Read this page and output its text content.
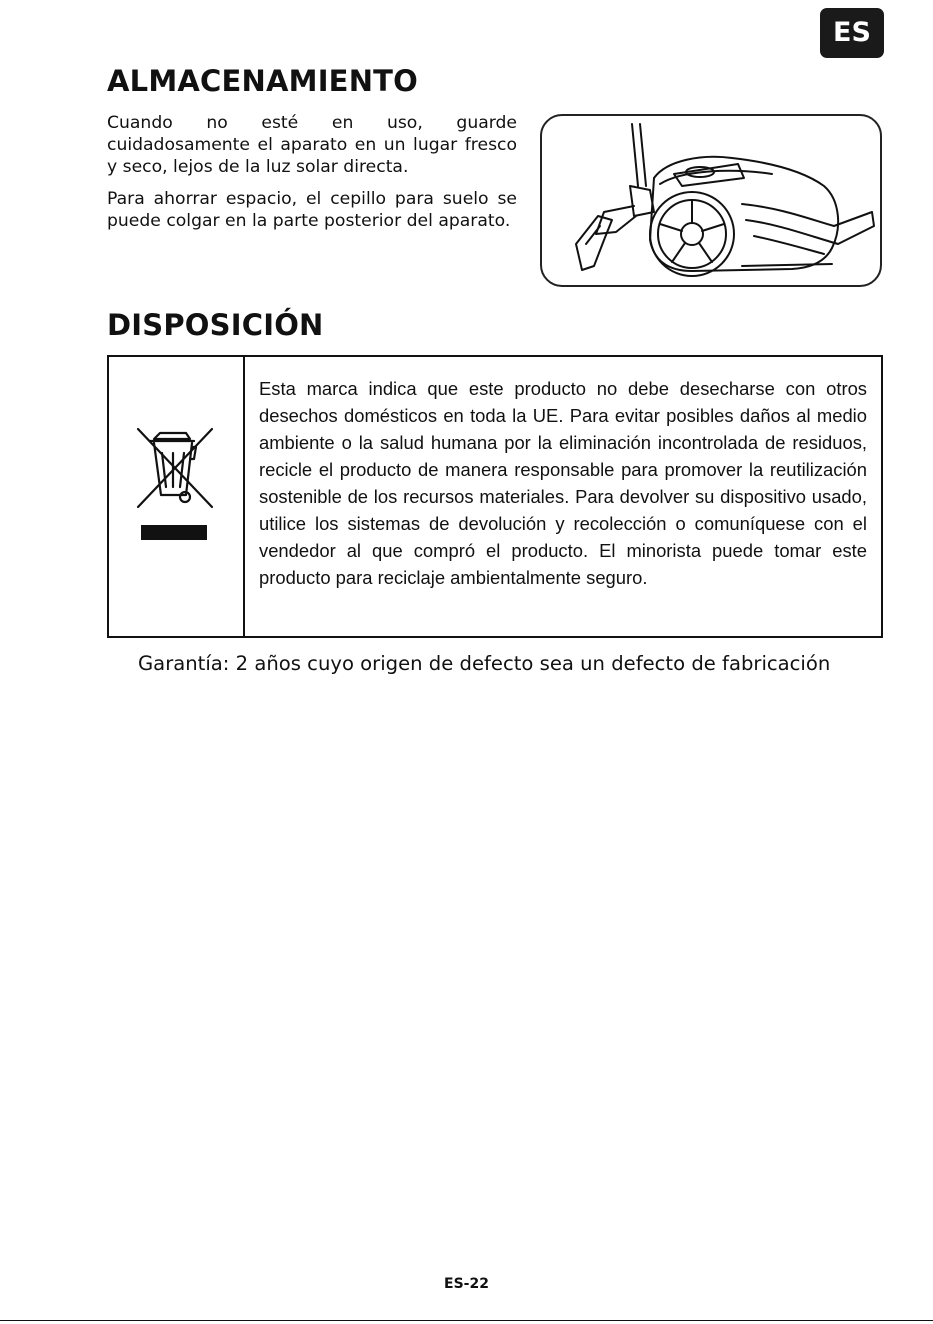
ES
ALMACENAMIENTO

Cuando no esté en uso, guarde cuidadosamente el aparato en un lugar fresco y seco, lejos de la luz solar directa.

Para ahorrar espacio, el cepillo para suelo se puede colgar en la parte posterior del aparato.

DISPOSICIÓN
Esta marca indica que este producto no debe desecharse con otros desechos domésticos en toda la UE. Para evitar posibles daños al medio ambiente o la salud humana por la eliminación incontrolada de residuos, recicle el producto de manera responsable para promover la reutilización sostenible de los recursos materiales. Para devolver su dispositivo usado, utilice los sistemas de devolución y recolección o comuníquese con el vendedor al que compró el producto. El minorista puede tomar este producto para reciclaje ambientalmente seguro.
Garantía: 2 años cuyo origen de defecto sea un defecto de fabricación
ES-22
